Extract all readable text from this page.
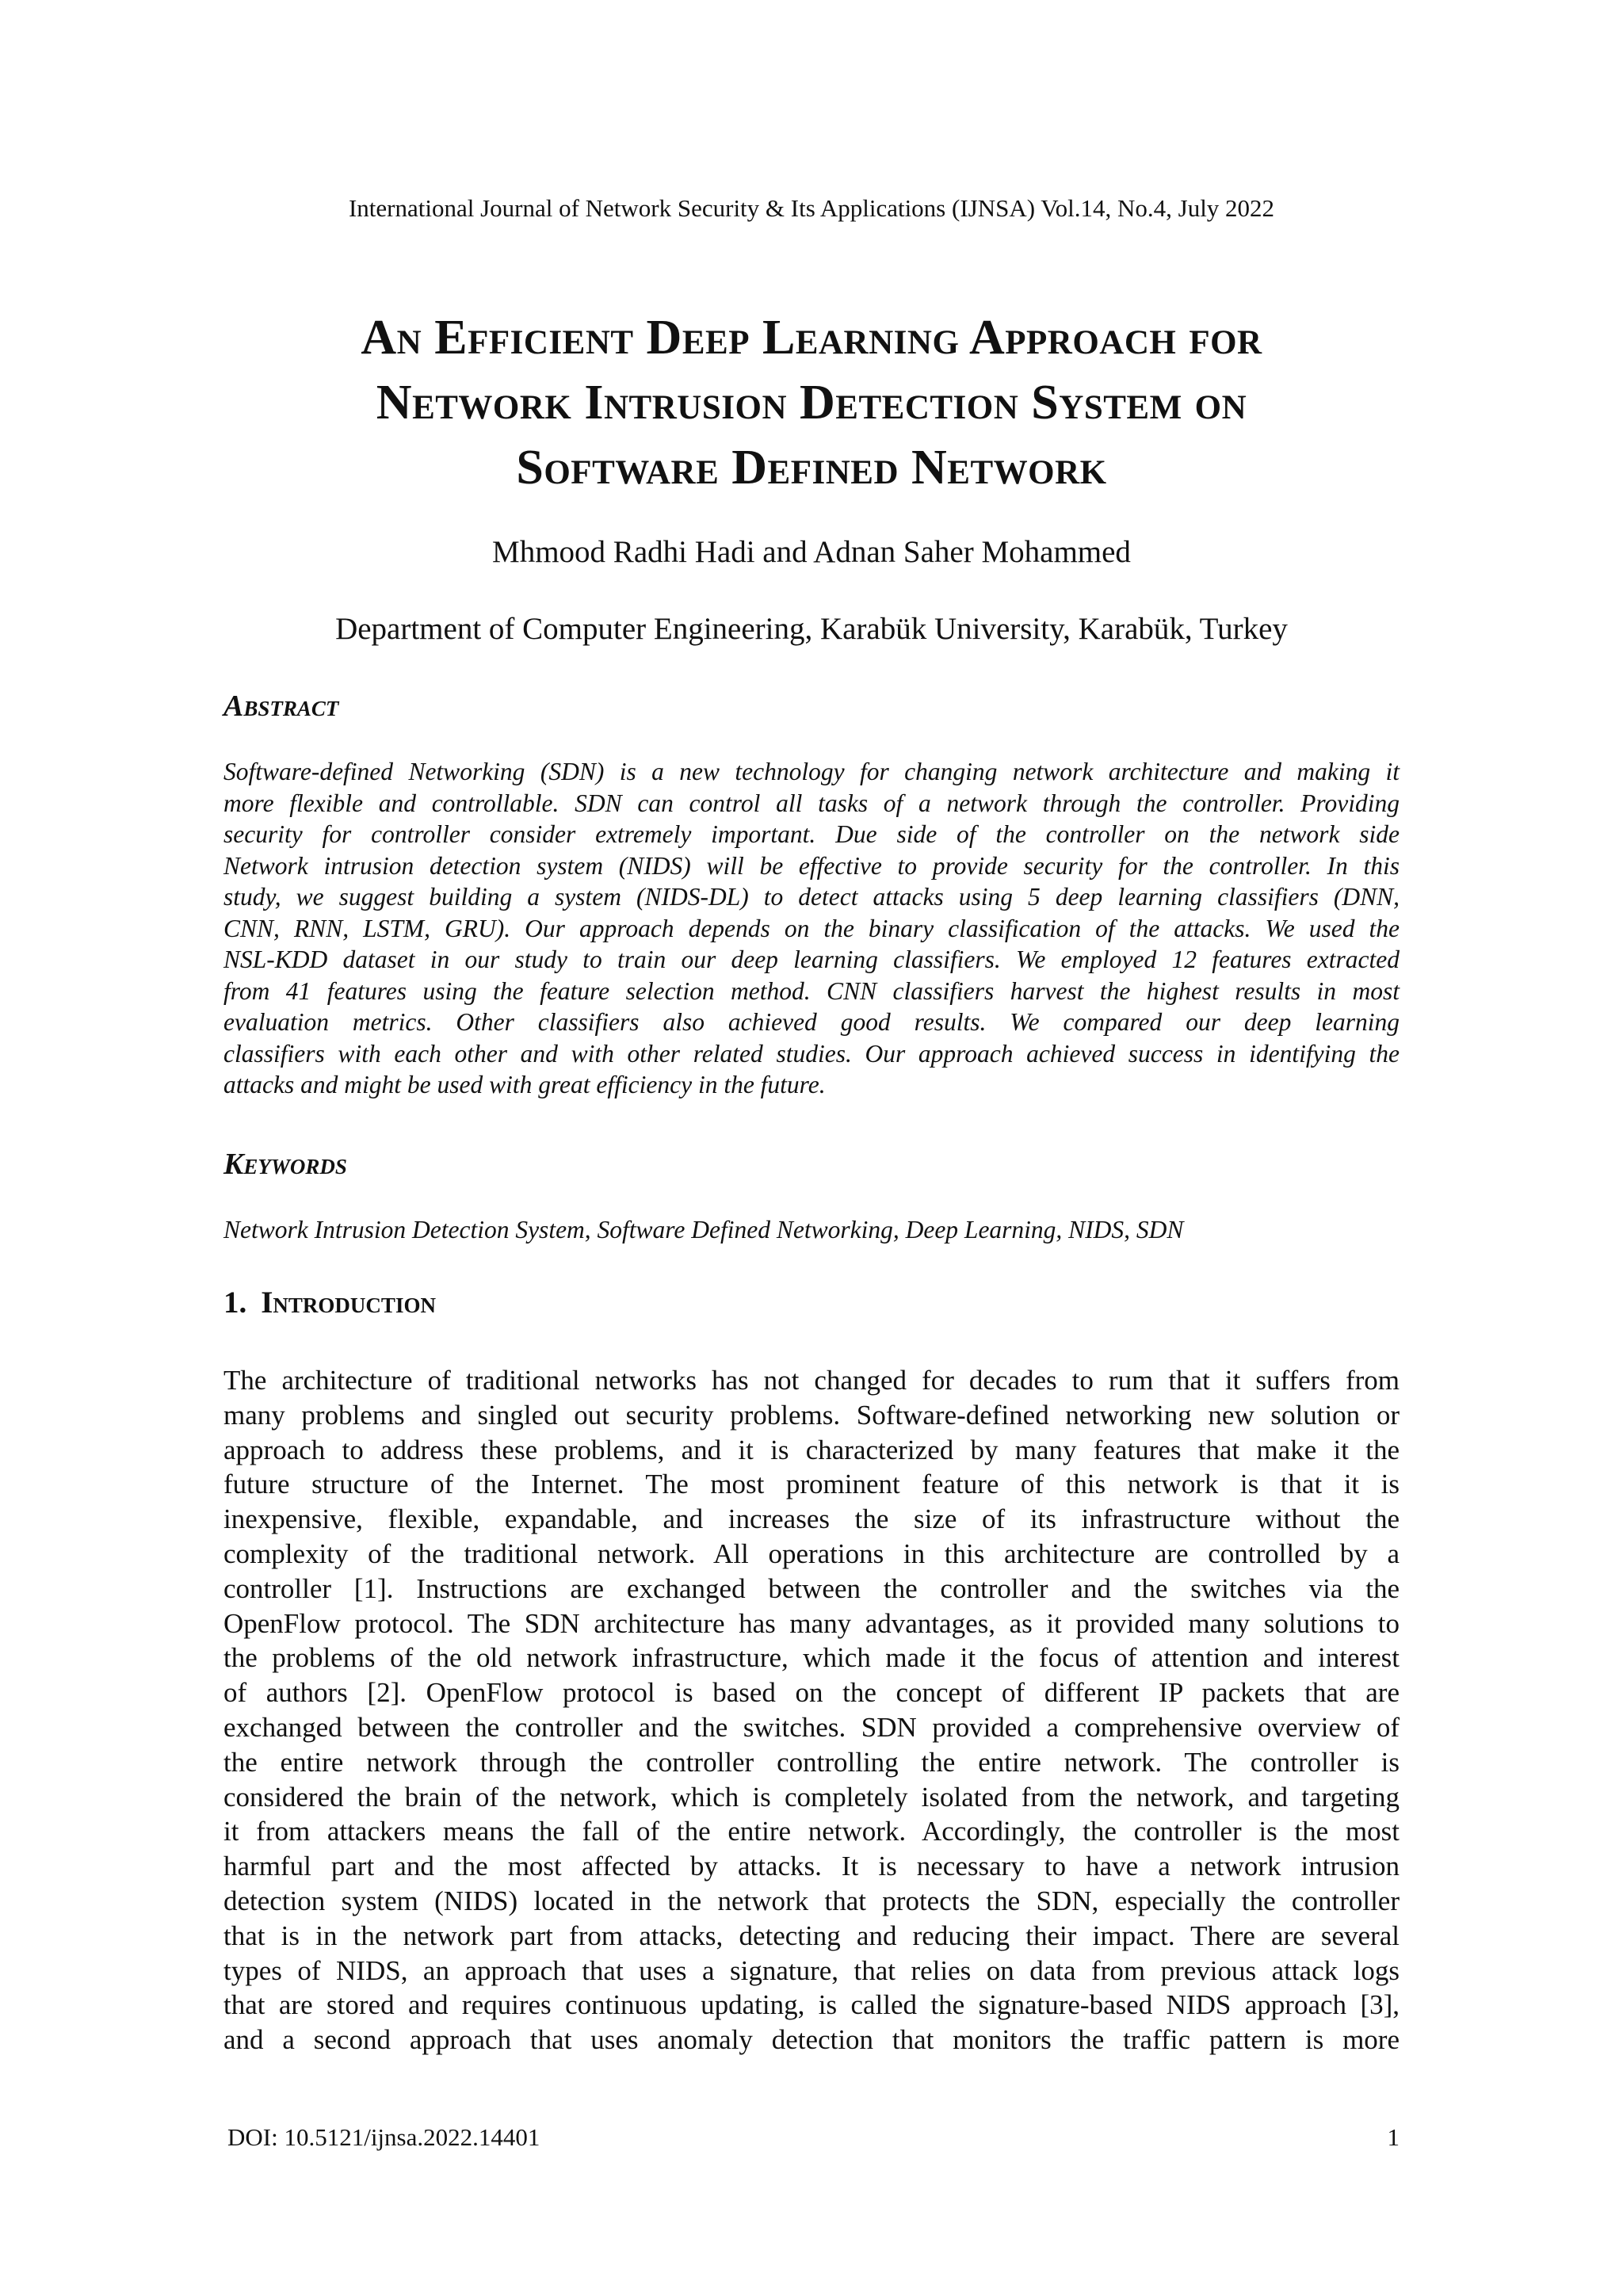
International Journal of Network Security & Its Applications (IJNSA) Vol.14, No.4, July 2022
An Efficient Deep Learning Approach for
Network Intrusion Detection System on
Software Defined Network
Mhmood Radhi Hadi and Adnan Saher Mohammed
Department of Computer Engineering, Karabük University, Karabük, Turkey
Abstract
Software-defined Networking (SDN) is a new technology for changing network architecture and making it
more flexible and controllable. SDN can control all tasks of a network through the controller. Providing
security for controller consider extremely important. Due side of the controller on the network side
Network intrusion detection system (NIDS) will be effective to provide security for the controller. In this
study, we suggest building a system (NIDS-DL) to detect attacks using 5 deep learning classifiers (DNN,
CNN, RNN, LSTM, GRU). Our approach depends on the binary classification of the attacks. We used the
NSL-KDD dataset in our study to train our deep learning classifiers. We employed 12 features extracted
from 41 features using the feature selection method. CNN classifiers harvest the highest results in most
evaluation metrics. Other classifiers also achieved good results. We compared our deep learning
classifiers with each other and with other related studies. Our approach achieved success in identifying the
attacks and might be used with great efficiency in the future.
Keywords
Network Intrusion Detection System, Software Defined Networking, Deep Learning, NIDS, SDN
1. Introduction
The architecture of traditional networks has not changed for decades to rum that it suffers from
many problems and singled out security problems. Software-defined networking new solution or
approach to address these problems, and it is characterized by many features that make it the
future structure of the Internet. The most prominent feature of this network is that it is
inexpensive, flexible, expandable, and increases the size of its infrastructure without the
complexity of the traditional network. All operations in this architecture are controlled by a
controller [1]. Instructions are exchanged between the controller and the switches via the
OpenFlow protocol. The SDN architecture has many advantages, as it provided many solutions to
the problems of the old network infrastructure, which made it the focus of attention and interest
of authors [2]. OpenFlow protocol is based on the concept of different IP packets that are
exchanged between the controller and the switches. SDN provided a comprehensive overview of
the entire network through the controller controlling the entire network. The controller is
considered the brain of the network, which is completely isolated from the network, and targeting
it from attackers means the fall of the entire network. Accordingly, the controller is the most
harmful part and the most affected by attacks. It is necessary to have a network intrusion
detection system (NIDS) located in the network that protects the SDN, especially the controller
that is in the network part from attacks, detecting and reducing their impact. There are several
types of NIDS, an approach that uses a signature, that relies on data from previous attack logs
that are stored and requires continuous updating, is called the signature-based NIDS approach [3],
and a second approach that uses anomaly detection that monitors the traffic pattern is more
DOI: 10.5121/ijnsa.2022.14401	1
